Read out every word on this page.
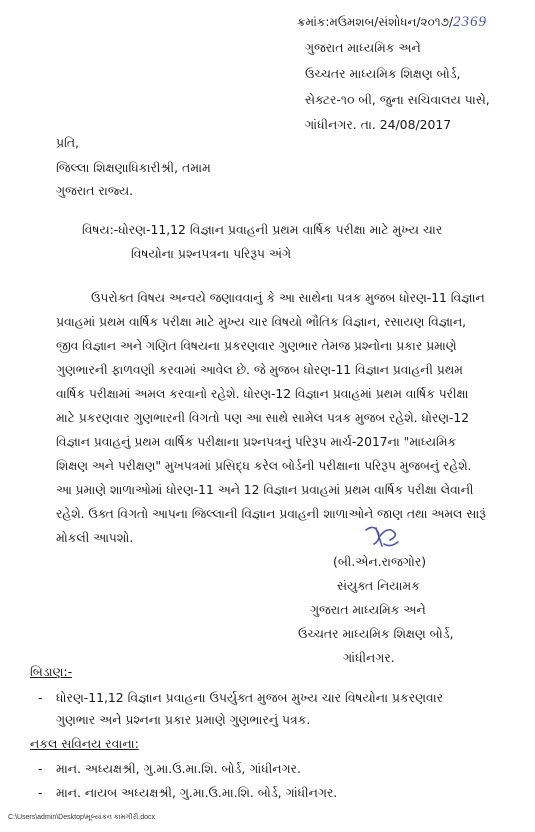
ક્રમાંક:મઉમશબ/સંશોધન/૨૦૧૭/2369
ગુજરાત માધ્યમિક અને
ઉચ્ચતર માધ્યમિક શિક્ષણ બોર્ડ,
સેક્ટર-૧૦ બી, જુના સચિવાલય પાસે,
ગાંધીનગર. તા. 24/08/2017
પ્રતિ,
જિલ્લા શિક્ષણાધિકારીશ્રી, તમામ
ગુજરાત રાજ્ય.
વિષય:-ધોરણ-11,12 વિજ્ઞાન પ્રવાહની પ્રથમ વાર્ષિક પરીક્ષા માટે મુખ્ય ચાર
વિષયોના પ્રશ્નપત્રના પરિરૂપ અંગે
ઉપરોક્ત વિષય અન્વયે જણાવવાનું કે આ સાથેના પત્રક મુજબ ધોરણ-11 વિજ્ઞાન
પ્રવાહમાં પ્રથમ વાર્ષિક પરીક્ષા માટે મુખ્ય ચાર વિષયો ભૌતિક વિજ્ઞાન, રસાયણ વિજ્ઞાન,
જીવ વિજ્ઞાન અને ગણિત વિષયના પ્રકરણવાર ગુણભાર તેમજ પ્રશ્નોના પ્રકાર પ્રમાણે
ગુણભારની ફાળવણી કરવામાં આવેલ છે. જે મુજબ ધોરણ-11 વિજ્ઞાન પ્રવાહની પ્રથમ
વાર્ષિક પરીક્ષામાં અમલ કરવાનો રહેશે. ધોરણ-12 વિજ્ઞાન પ્રવાહમાં પ્રથમ વાર્ષિક પરીક્ષા
માટે પ્રકરણવાર ગુણભારની વિગતો પણ આ સાથે સામેલ પત્રક મુજબ રહેશે. ધોરણ-12
વિજ્ઞાન પ્રવાહનું પ્રથમ વાર્ષિક પરીક્ષાના પ્રશ્નપત્રનું પરિરૂપ માર્ચ-2017ના "માધ્યમિક
શિક્ષણ અને પરીક્ષણ" મુખપત્રમાં પ્રસિદ્ધ કરેલ બોર્ડની પરીક્ષાના પરિરૂપ મુજબનું રહેશે.
આ પ્રમાણે શાળાઓમાં ધોરણ-11 અને 12 વિજ્ઞાન પ્રવાહમાં પ્રથમ વાર્ષિક પરીક્ષા લેવાની
રહેશે. ઉક્ત વિગતો આપના જિલ્લાની વિજ્ઞાન પ્રવાહની શાળાઓને જાણ તથા અમલ સારૂં
મોકલી આપશો.
(બી.એન.રાજગોર)
સંયુક્ત નિયામક
ગુજરાત માધ્યમિક અને
ઉચ્ચતર માધ્યમિક શિક્ષણ બોર્ડ,
ગાંધીનગર.
બિડાણ:-
- ધોરણ-11,12 વિજ્ઞાન પ્રવાહના ઉપર્યુક્ત મુજબ મુખ્ય ચાર વિષયોના પ્રકરણવાર
ગુણભાર અને પ્રશ્નના પ્રકાર પ્રમાણે ગુણભારનું પત્રક.
નકલ સવિનય રવાના:
- માન. અધ્યક્ષશ્રી, ગુ.મા.ઉ.મા.શિ. બોર્ડ, ગાંધીનગર.
- માન. નાયબ અધ્યક્ષશ્રી, ગુ.મા.ઉ.મા.શિ. બોર્ડ, ગાંધીનગર.
C:\Users\admin\Desktop\મૂલ્યાંકન કામગીરી.docx
